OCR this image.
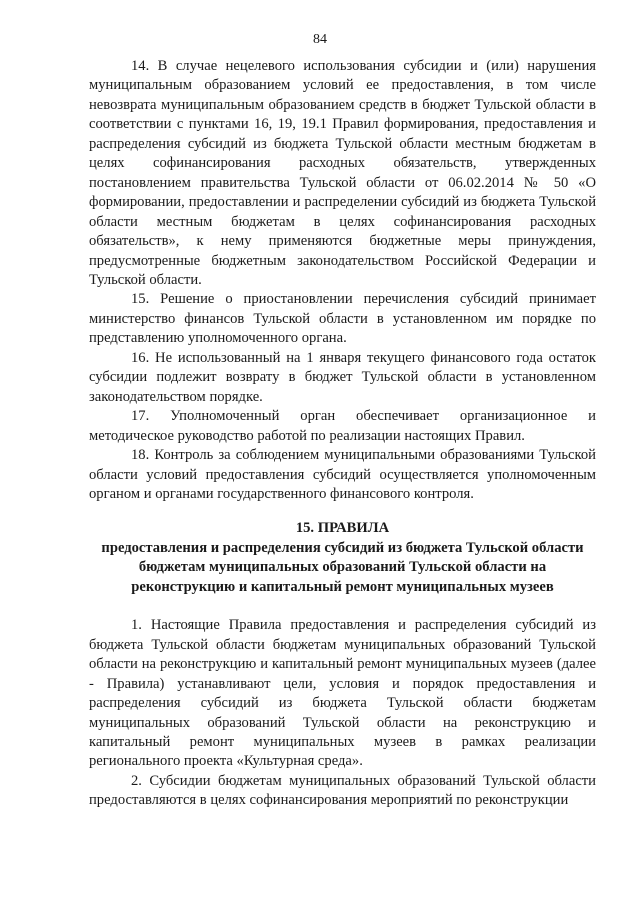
84

14. В случае нецелевого использования субсидии и (или) нарушения муниципальным образованием условий ее предоставления, в том числе невозврата муниципальным образованием средств в бюджет Тульской области в соответствии с пунктами 16, 19, 19.1 Правил формирования, предоставления и распределения субсидий из бюджета Тульской области местным бюджетам в целях софинансирования расходных обязательств, утвержденных постановлением правительства Тульской области от 06.02.2014 № 50 «О формировании, предоставлении и распределении субсидий из бюджета Тульской области местным бюджетам в целях софинансирования расходных обязательств», к нему применяются бюджетные меры принуждения, предусмотренные бюджетным законодательством Российской Федерации и Тульской области.

15. Решение о приостановлении перечисления субсидий принимает министерство финансов Тульской области в установленном им порядке по представлению уполномоченного органа.

16. Не использованный на 1 января текущего финансового года остаток субсидии подлежит возврату в бюджет Тульской области в установленном законодательством порядке.

17. Уполномоченный орган обеспечивает организационное и методическое руководство работой по реализации настоящих Правил.

18. Контроль за соблюдением муниципальными образованиями Тульской области условий предоставления субсидий осуществляется уполномоченным органом и органами государственного финансового контроля.

15. ПРАВИЛА
предоставления и распределения субсидий из бюджета Тульской области бюджетам муниципальных образований Тульской области на реконструкцию и капитальный ремонт муниципальных музеев

1. Настоящие Правила предоставления и распределения субсидий из бюджета Тульской области бюджетам муниципальных образований Тульской области на реконструкцию и капитальный ремонт муниципальных музеев (далее - Правила) устанавливают цели, условия и порядок предоставления и распределения субсидий из бюджета Тульской области бюджетам муниципальных образований Тульской области на реконструкцию и капитальный ремонт муниципальных музеев в рамках реализации регионального проекта «Культурная среда».

2. Субсидии бюджетам муниципальных образований Тульской области предоставляются в целях софинансирования мероприятий по реконструкции
